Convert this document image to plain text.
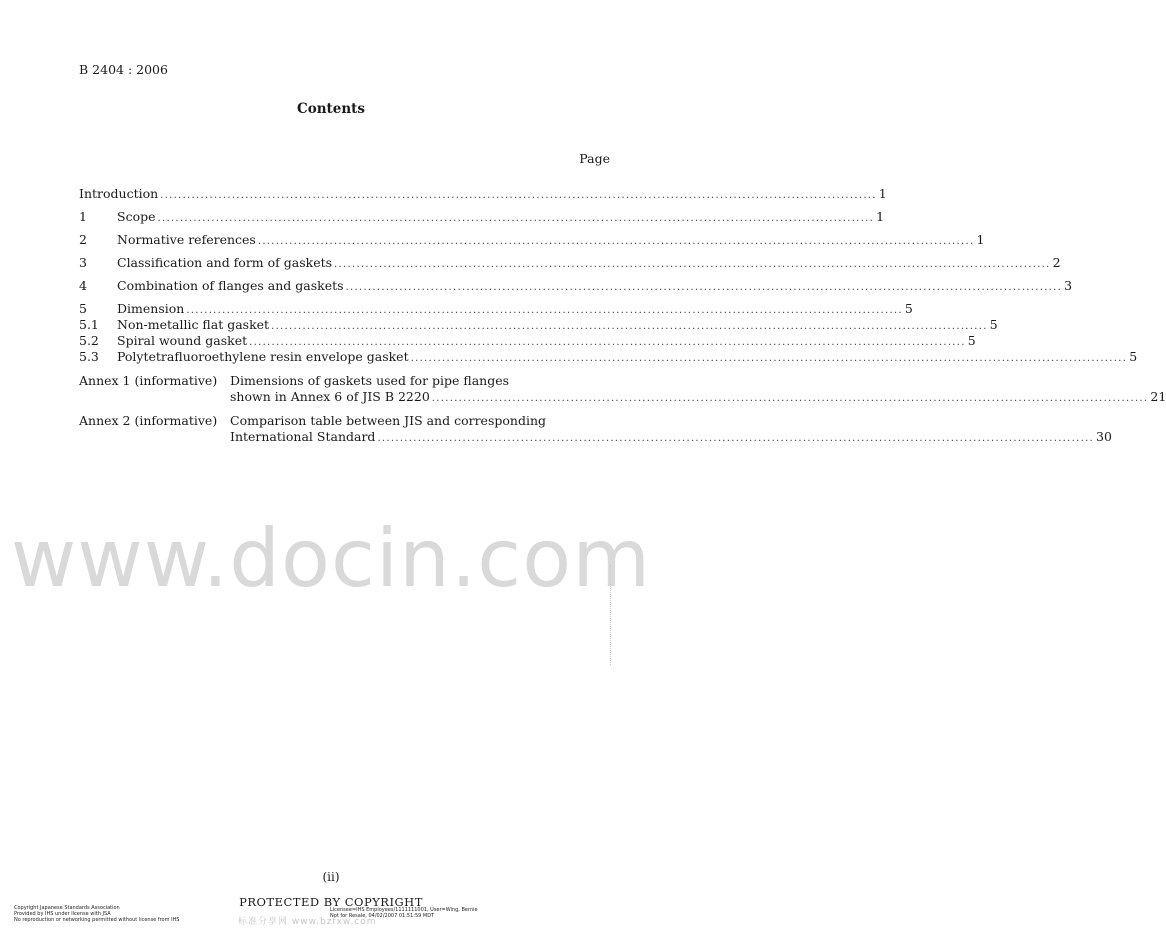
B 2404 : 2006
Contents
Page
Introduction ................................................................................................................................................................ 1
1 Scope ................................................................................................................................................................ 1
2 Normative references ................................................................................................................................................................ 1
3 Classification and form of gaskets ................................................................................................................................................................ 2
4 Combination of flanges and gaskets ................................................................................................................................................................ 3
5 Dimension ................................................................................................................................................................ 5
5.1 Non-metallic flat gasket ................................................................................................................................................................ 5
5.2 Spiral wound gasket ................................................................................................................................................................ 5
5.3 Polytetrafluoroethylene resin envelope gasket ................................................................................................................................................................ 5
Annex 1 (informative) Dimensions of gaskets used for pipe flanges
shown in Annex 6 of JIS B 2220 ................................................................................................................................................................ 21
Annex 2 (informative) Comparison table between JIS and corresponding
International Standard ................................................................................................................................................................ 30
www.docin.com
(ii)
PROTECTED BY COPYRIGHT
Copyright Japanese Standards Association
Provided by IHS under license with JSA
No reproduction or networking permitted without license from IHS
Licensee=IHS Employees/1111111001, User=Wing, Bernie
Not for Resale, 04/02/2007 01:51:59 MDT
标准分享网 www.bzfxw.com
